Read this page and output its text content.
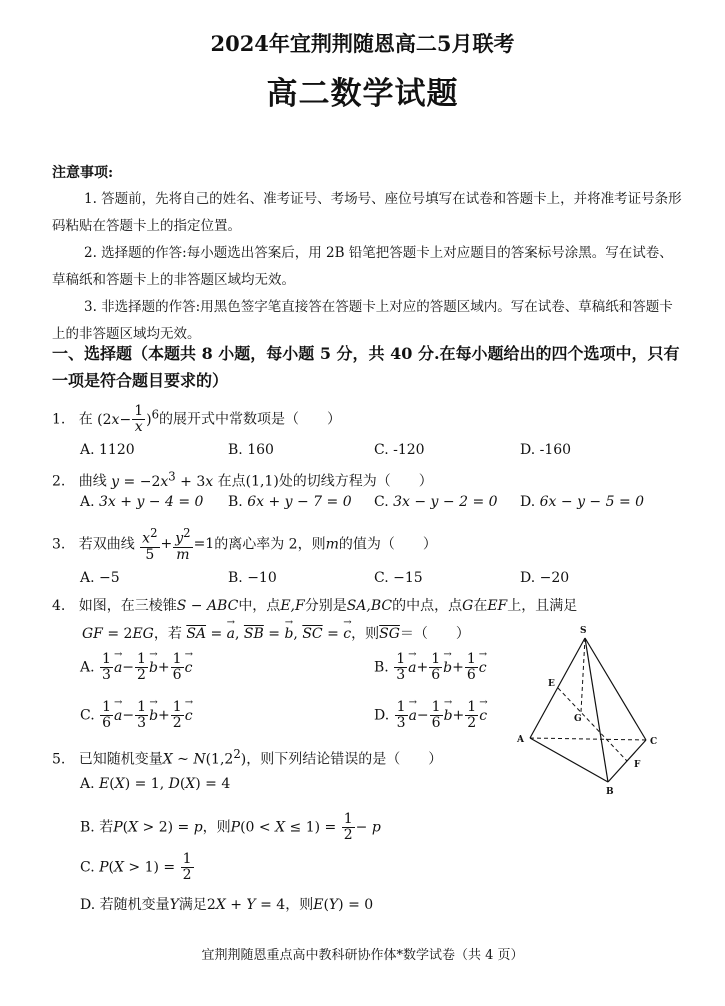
2024年宜荆荆随恩高二5月联考
高二数学试题
注意事项:
1. 答题前，先将自己的姓名、准考证号、考场号、座位号填写在试卷和答题卡上，并将准考证号条形码粘贴在答题卡上的指定位置。
2. 选择题的作答:每小题选出答案后，用 2B 铅笔把答题卡上对应题目的答案标号涂黑。写在试卷、草稿纸和答题卡上的非答题区域均无效。
3. 非选择题的作答:用黑色签字笔直接答在答题卡上对应的答题区域内。写在试卷、草稿纸和答题卡上的非答题区域均无效。
一、选择题（本题共 8 小题，每小题 5 分，共 40 分.在每小题给出的四个选项中，只有一项是符合题目要求的）
1. 在 $(2x- \frac{1}{x} )^6$的展开式中常数项是（　　）
A. 1120	B. 160	C. -120	D. -160
2. 曲线 $y = -2x^3 + 3x$ 在点(1,1)处的切线方程为（　　）
A. 3x + y − 4 = 0 B. 6x + y − 7 = 0 C. 3x − y − 2 = 0 D. 6x − y − 5 = 0
3. 若双曲线 $\frac{x^2}{5} + \frac{y^2}{m} =1$的离心率为 2，则m的值为（　　）
A. −5	B. −10	C. −15	D. −20
4. 如图，在三棱锥S − ABC中，点E,F分别是SA,BC的中点，点G在EF上，且满足
GF = 2EG，若 $\overline{SA}$ = → a, $\overline{SB}$ = → b, $\overline{SC}$ = → c，则$\overline{SG}=$（　　）
A. $\frac{1}{3} \to a- \frac{1}{2} \to b+ \frac{1}{6} \to c$	B. $\frac{1}{3} \to a+ \frac{1}{6} \to b+ \frac{1}{6} \to c$
C. $\frac{1}{6} \to a- \frac{1}{3} \to b+ \frac{1}{2} \to c$	D. $\frac{1}{3} \to a- \frac{1}{6} \to b+ \frac{1}{2} \to c$
S
E
G
A	C
F
B
5. 已知随机变量X ~ $N(1,2^2)$，则下列结论错误的是（　　）
A. E(X) = 1, D(X) = 4
B. 若P(X > 2) = p，则$P(0 < X \le 1) = \frac{1}{2} - p$
C. $P(X > 1) = \frac{1}{2}$
D. 若随机变量Y满足2X + Y = 4，则E(Y) = 0
宜荆荆随恩重点高中教科研协作体*数学试卷（共 4 页）
